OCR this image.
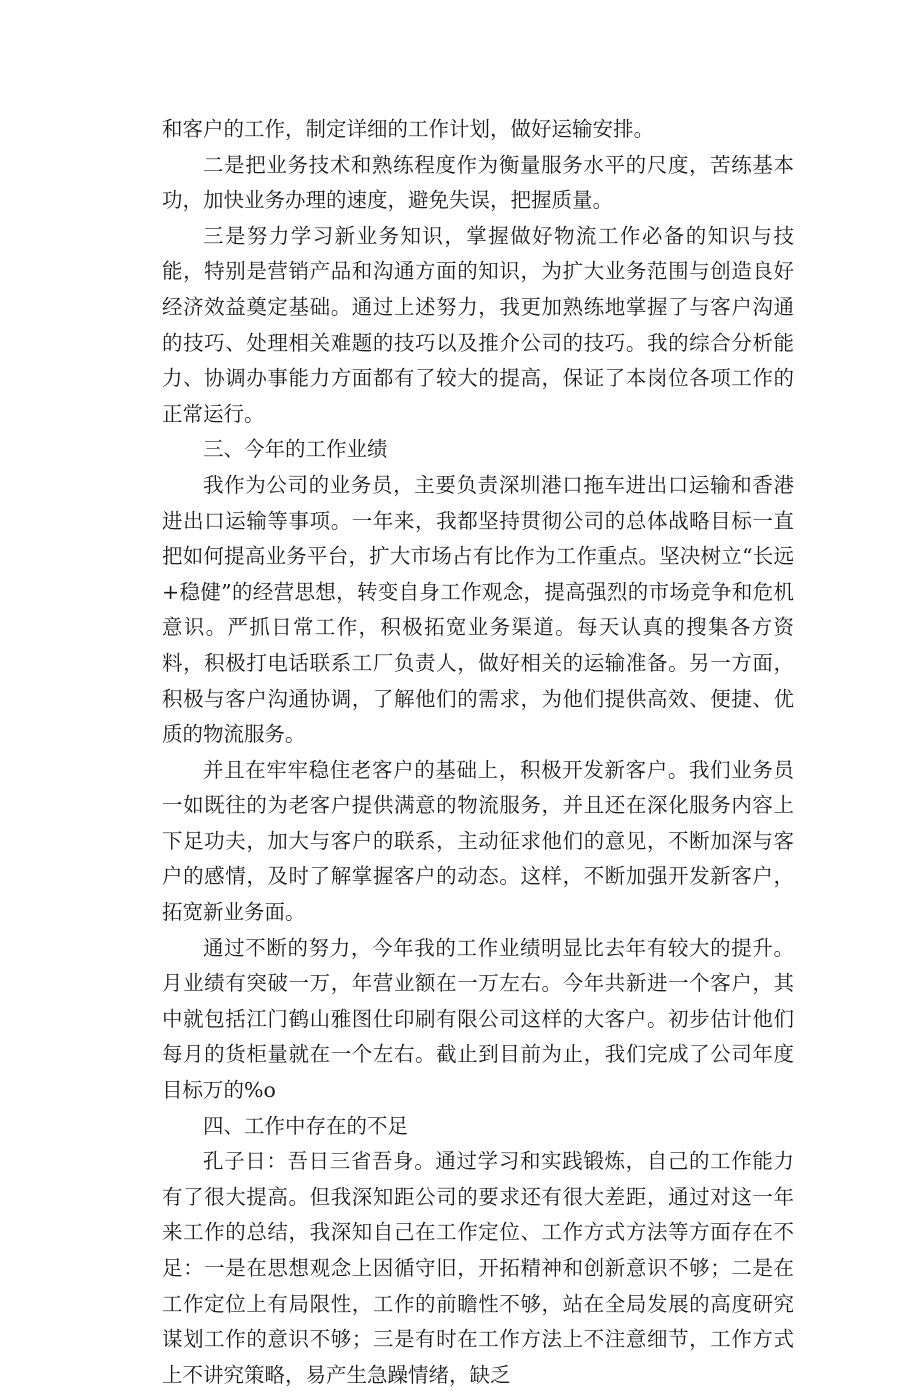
和客户的工作，制定详细的工作计划，做好运输安排。

二是把业务技术和熟练程度作为衡量服务水平的尺度，苦练基本功，加快业务办理的速度，避免失误，把握质量。

三是努力学习新业务知识，掌握做好物流工作必备的知识与技能，特别是营销产品和沟通方面的知识，为扩大业务范围与创造良好经济效益奠定基础。通过上述努力，我更加熟练地掌握了与客户沟通的技巧、处理相关难题的技巧以及推介公司的技巧。我的综合分析能力、协调办事能力方面都有了较大的提高，保证了本岗位各项工作的正常运行。

三、今年的工作业绩

我作为公司的业务员，主要负责深圳港口拖车进出口运输和香港进出口运输等事项。一年来，我都坚持贯彻公司的总体战略目标一直把如何提高业务平台，扩大市场占有比作为工作重点。坚决树立“长远+稳健”的经营思想，转变自身工作观念，提高强烈的市场竞争和危机意识。严抓日常工作，积极拓宽业务渠道。每天认真的搜集各方资料，积极打电话联系工厂负责人，做好相关的运输准备。另一方面，积极与客户沟通协调，了解他们的需求，为他们提供高效、便捷、优质的物流服务。

并且在牢牢稳住老客户的基础上，积极开发新客户。我们业务员一如既往的为老客户提供满意的物流服务，并且还在深化服务内容上下足功夫，加大与客户的联系，主动征求他们的意见，不断加深与客户的感情，及时了解掌握客户的动态。这样，不断加强开发新客户，拓宽新业务面。

通过不断的努力，今年我的工作业绩明显比去年有较大的提升。月业绩有突破一万，年营业额在一万左右。今年共新进一个客户，其中就包括江门鹤山雅图仕印刷有限公司这样的大客户。初步估计他们每月的货柜量就在一个左右。截止到目前为止，我们完成了公司年度目标万的%o

四、工作中存在的不足

孔子日：吾日三省吾身。通过学习和实践锻炼，自己的工作能力有了很大提高。但我深知距公司的要求还有很大差距，通过对这一年来工作的总结，我深知自己在工作定位、工作方式方法等方面存在不足：一是在思想观念上因循守旧，开拓精神和创新意识不够；二是在工作定位上有局限性，工作的前瞻性不够，站在全局发展的高度研究谋划工作的意识不够；三是有时在工作方法上不注意细节，工作方式上不讲究策略，易产生急躁情绪，缺乏
